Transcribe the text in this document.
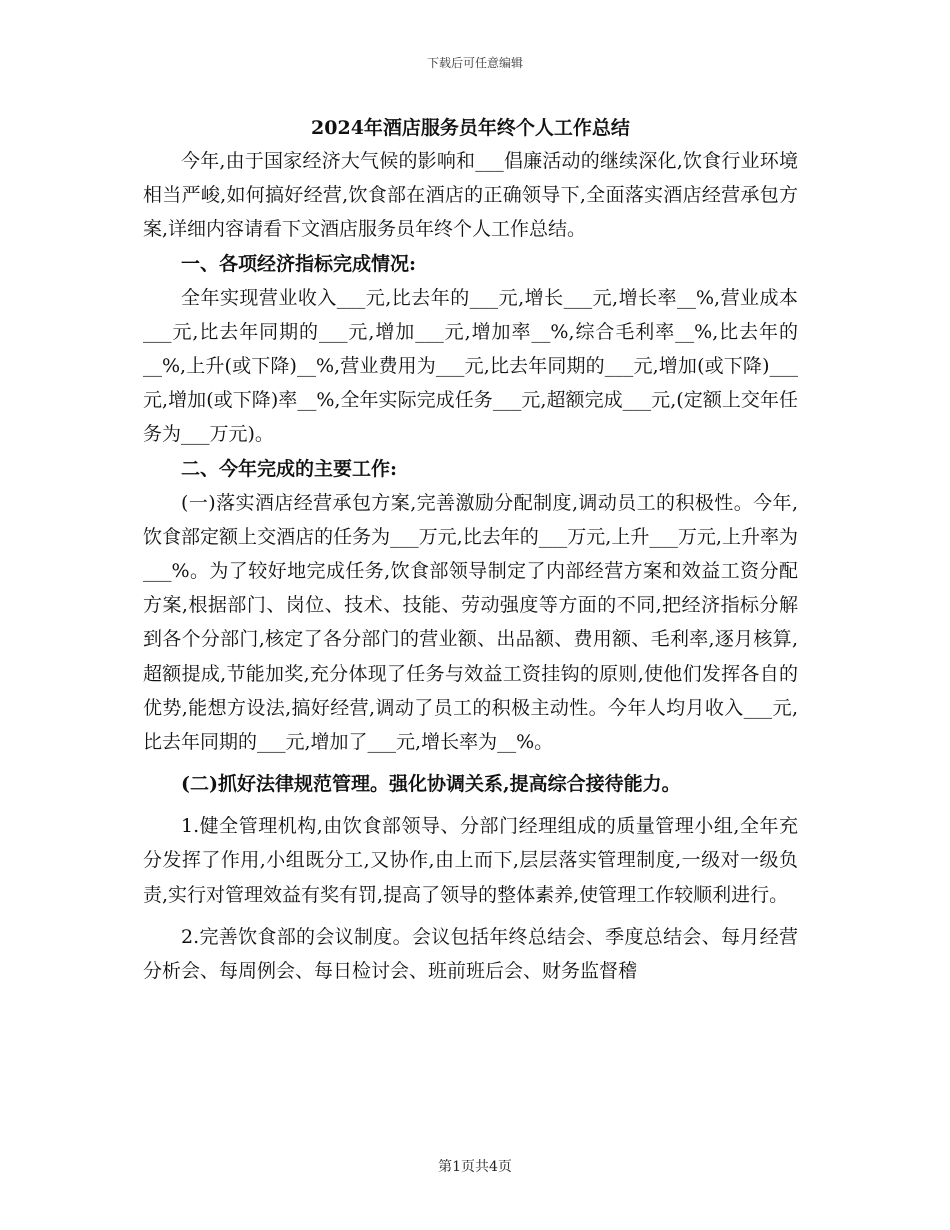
下载后可任意编辑
2024年酒店服务员年终个人工作总结

今年,由于国家经济大气候的影响和___倡廉活动的继续深化,饮食行业环境相当严峻,如何搞好经营,饮食部在酒店的正确领导下,全面落实酒店经营承包方案,详细内容请看下文酒店服务员年终个人工作总结。

一、各项经济指标完成情况:

全年实现营业收入___元,比去年的___元,增长___元,增长率__%,营业成本___元,比去年同期的___元,增加___元,增加率__%,综合毛利率__%,比去年的__%,上升(或下降)__%,营业费用为___元,比去年同期的___元,增加(或下降)___元,增加(或下降)率__%,全年实际完成任务___元,超额完成___元,(定额上交年任务为___万元)。

二、今年完成的主要工作:

(一)落实酒店经营承包方案,完善激励分配制度,调动员工的积极性。今年,饮食部定额上交酒店的任务为___万元,比去年的___万元,上升___万元,上升率为___%。为了较好地完成任务,饮食部领导制定了内部经营方案和效益工资分配方案,根据部门、岗位、技术、技能、劳动强度等方面的不同,把经济指标分解到各个分部门,核定了各分部门的营业额、出品额、费用额、毛利率,逐月核算,超额提成,节能加奖,充分体现了任务与效益工资挂钩的原则,使他们发挥各自的优势,能想方设法,搞好经营,调动了员工的积极主动性。今年人均月收入___元,比去年同期的___元,增加了___元,增长率为__%。

(二)抓好法律规范管理。强化协调关系,提高综合接待能力。

1.健全管理机构,由饮食部领导、分部门经理组成的质量管理小组,全年充分发挥了作用,小组既分工,又协作,由上而下,层层落实管理制度,一级对一级负责,实行对管理效益有奖有罚,提高了领导的整体素养,使管理工作较顺利进行。

2.完善饮食部的会议制度。会议包括年终总结会、季度总结会、每月经营分析会、每周例会、每日检讨会、班前班后会、财务监督稽

第1页共4页
